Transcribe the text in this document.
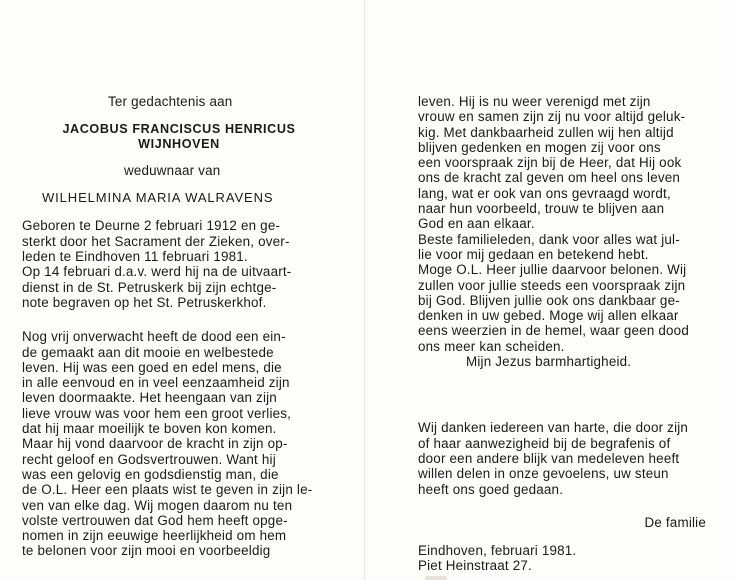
Ter gedachtenis aan

JACOBUS FRANCISCUS HENRICUS
WIJNHOVEN

weduwnaar van

WILHELMINA MARIA WALRAVENS

Geboren te Deurne 2 februari 1912 en ge-
sterkt door het Sacrament der Zieken, over-
leden te Eindhoven 11 februari 1981.
Op 14 februari d.a.v. werd hij na de uitvaart-
dienst in de St. Petruskerk bij zijn echtge-
note begraven op het St. Petruskerkhof.

Nog vrij onverwacht heeft de dood een ein-
de gemaakt aan dit mooie en welbestede
leven. Hij was een goed en edel mens, die
in alle eenvoud en in veel eenzaamheid zijn
leven doormaakte. Het heengaan van zijn
lieve vrouw was voor hem een groot verlies,
dat hij maar moeilijk te boven kon komen.
Maar hij vond daarvoor de kracht in zijn op-
recht geloof en Godsvertrouwen. Want hij
was een gelovig en godsdienstig man, die
de O.L. Heer een plaats wist te geven in zijn le-
ven van elke dag. Wij mogen daarom nu ten
volste vertrouwen dat God hem heeft opge-
nomen in zijn eeuwige heerlijkheid om hem
te belonen voor zijn mooi en voorbeeldig

leven. Hij is nu weer verenigd met zijn
vrouw en samen zijn zij nu voor altijd geluk-
kig. Met dankbaarheid zullen wij hen altijd
blijven gedenken en mogen zij voor ons
een voorspraak zijn bij de Heer, dat Hij ook
ons de kracht zal geven om heel ons leven
lang, wat er ook van ons gevraagd wordt,
naar hun voorbeeld, trouw te blijven aan
God en aan elkaar.
Beste familieleden, dank voor alles wat jul-
lie voor mij gedaan en betekend hebt.
Moge O.L. Heer jullie daarvoor belonen. Wij
zullen voor jullie steeds een voorspraak zijn
bij God. Blijven jullie ook ons dankbaar ge-
denken in uw gebed. Moge wij allen elkaar
eens weerzien in de hemel, waar geen dood
ons meer kan scheiden.

Mijn Jezus barmhartigheid.

Wij danken iedereen van harte, die door zijn
of haar aanwezigheid bij de begrafenis of
door een andere blijk van medeleven heeft
willen delen in onze gevoelens, uw steun
heeft ons goed gedaan.

De familie

Eindhoven, februari 1981.

Piet Heinstraat 27.
